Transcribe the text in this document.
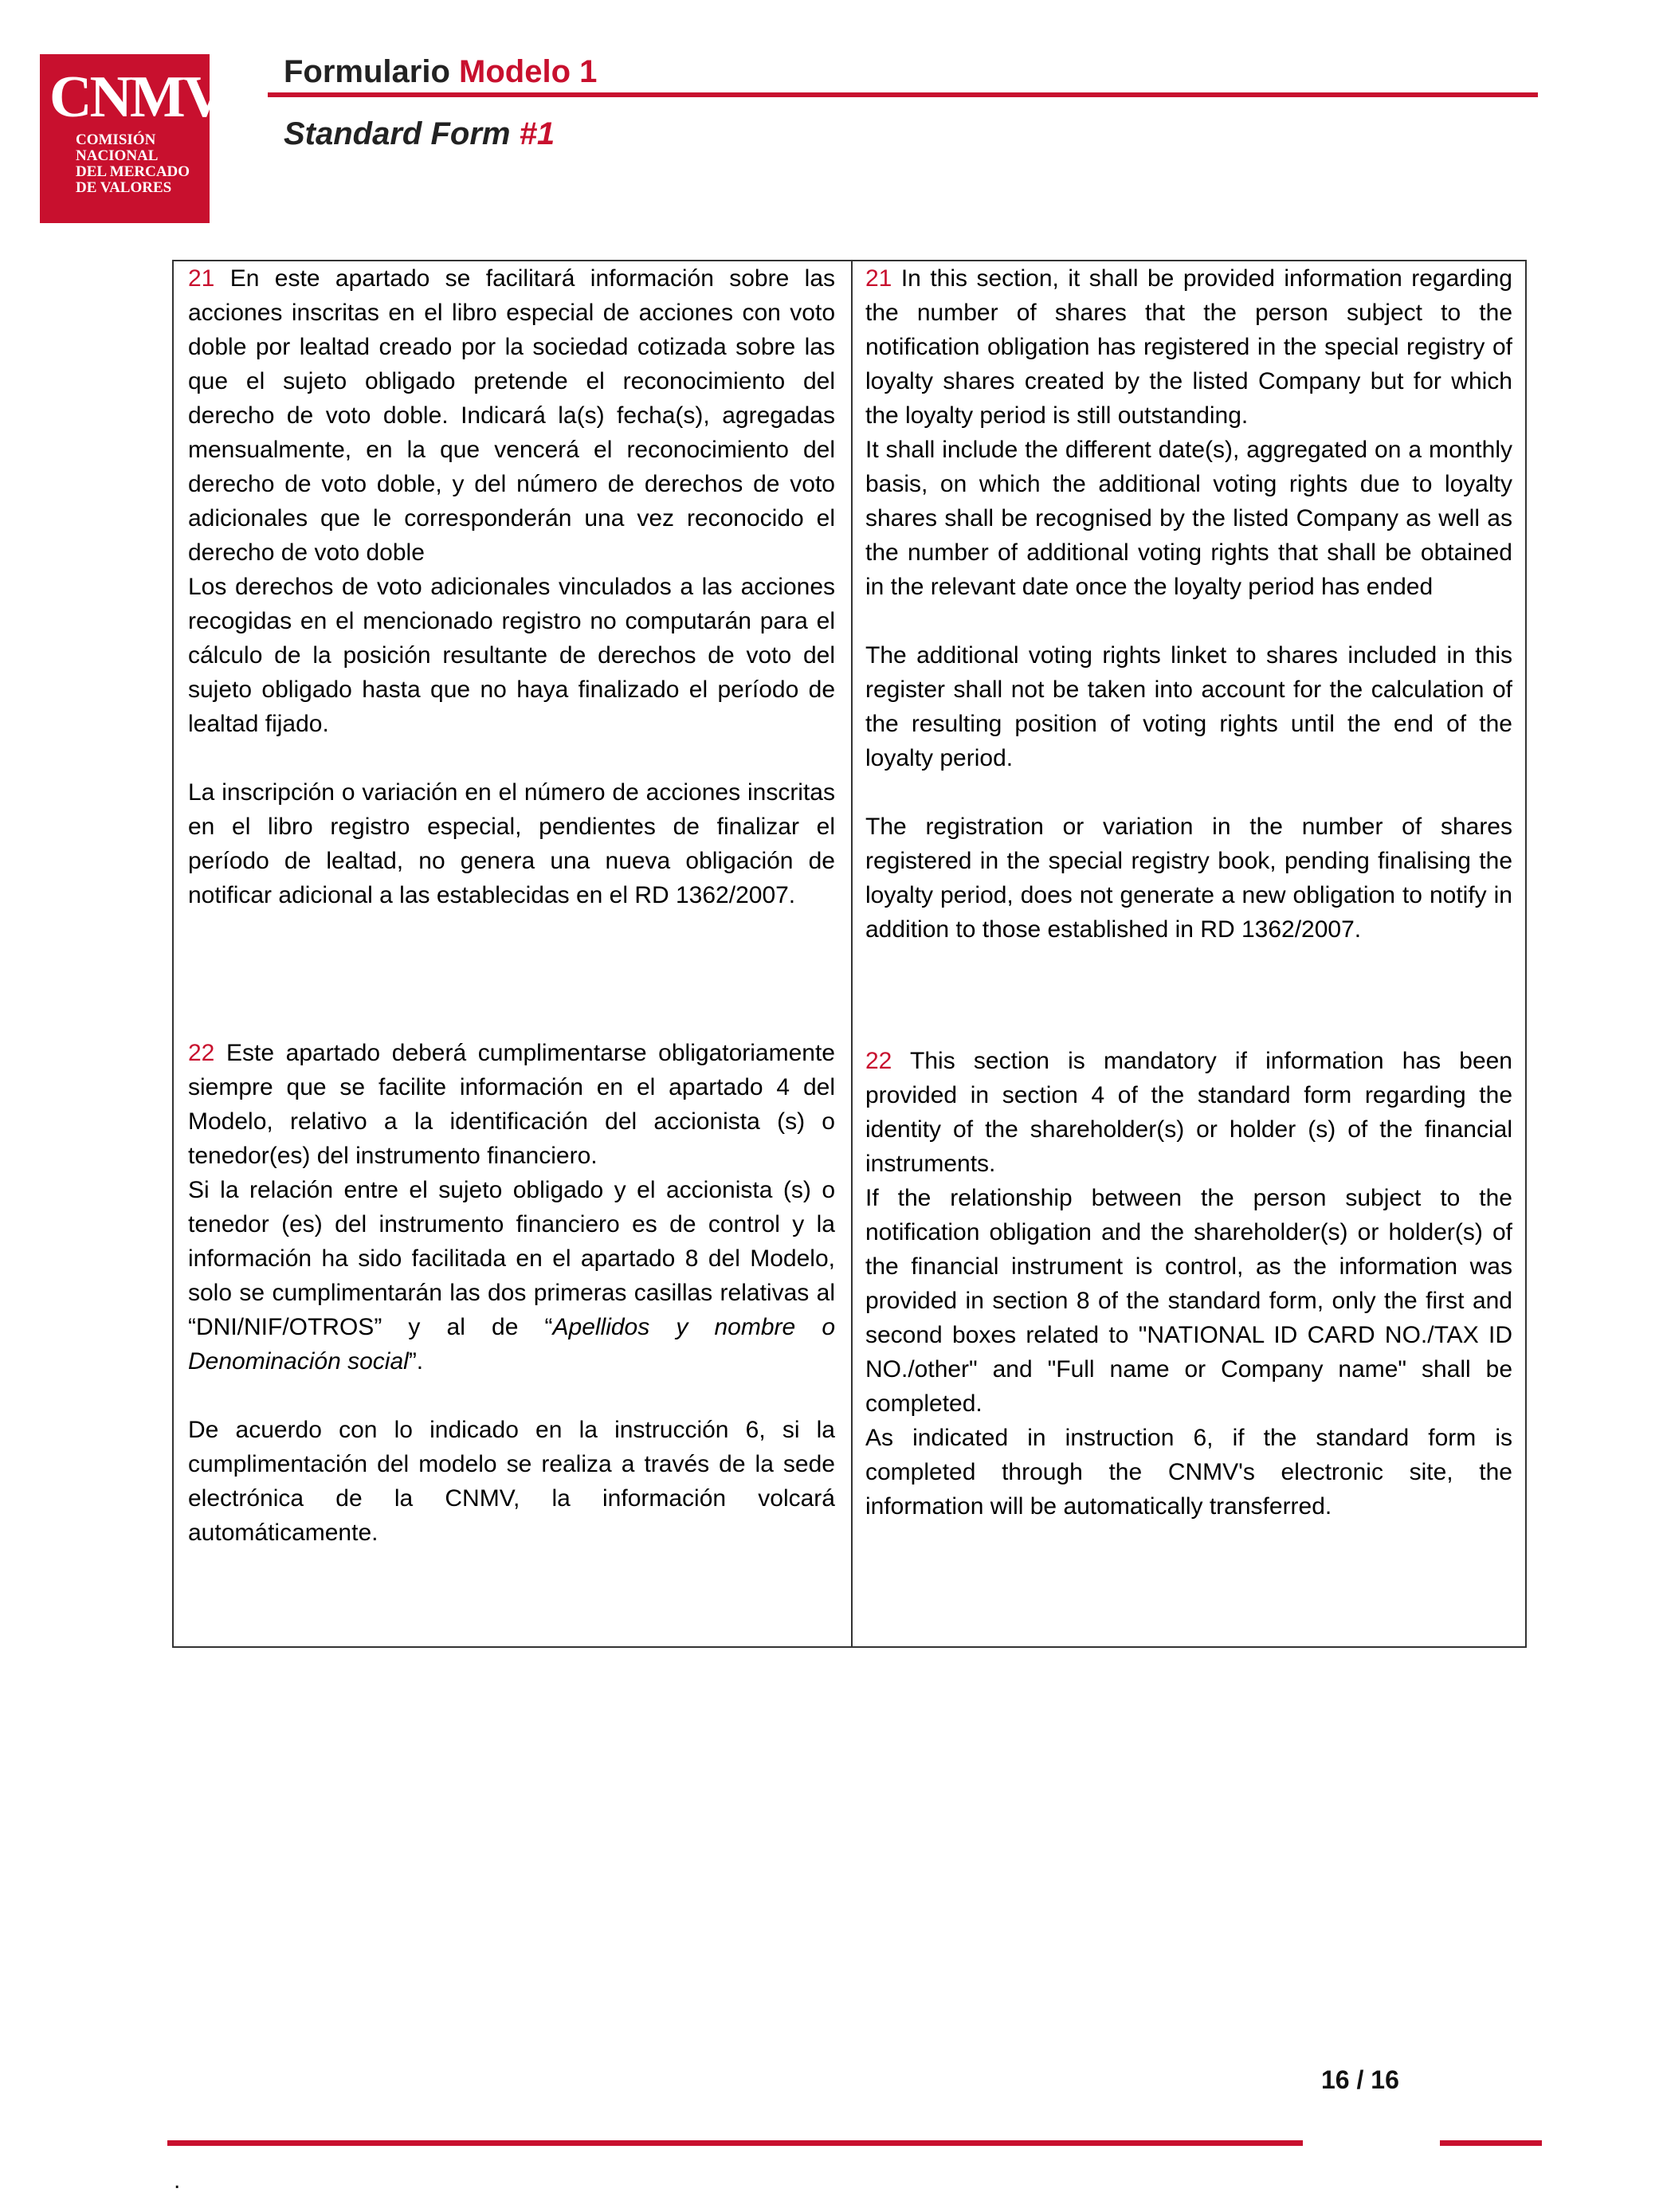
CNMV
COMISIÓN
NACIONAL
DEL MERCADO
DE VALORES
Formulario Modelo 1
Standard Form #1

21 En este apartado se facilitará información sobre las acciones inscritas en el libro especial de acciones con voto doble por lealtad creado por la sociedad cotizada sobre las que el sujeto obligado pretende el reconocimiento del derecho de voto doble. Indicará la(s) fecha(s), agregadas mensualmente, en la que vencerá el reconocimiento del derecho de voto doble, y del número de derechos de voto adicionales que le corresponderán una vez reconocido el derecho de voto doble

Los derechos de voto adicionales vinculados a las acciones recogidas en el mencionado registro no computarán para el cálculo de la posición resultante de derechos de voto del sujeto obligado hasta que no haya finalizado el período de lealtad fijado.

La inscripción o variación en el número de acciones inscritas en el libro registro especial, pendientes de finalizar el período de lealtad, no genera una nueva obligación de notificar adicional a las establecidas en el RD 1362/2007.

21 In this section, it shall be provided information regarding the number of shares that the person subject to the notification obligation has registered in the special registry of loyalty shares created by the listed Company but for which the loyalty period is still outstanding.

It shall include the different date(s), aggregated on a monthly basis, on which the additional voting rights due to loyalty shares shall be recognised by the listed Company as well as the number of additional voting rights that shall be obtained in the relevant date once the loyalty period has ended

The additional voting rights linket to shares included in this register shall not be taken into account for the calculation of the resulting position of voting rights until the end of the loyalty period.

The registration or variation in the number of shares registered in the special registry book, pending finalising the loyalty period, does not generate a new obligation to notify in addition to those established in RD 1362/2007.

22 Este apartado deberá cumplimentarse obligatoriamente siempre que se facilite información en el apartado 4 del Modelo, relativo a la identificación del accionista (s) o tenedor(es) del instrumento financiero.

Si la relación entre el sujeto obligado y el accionista (s) o tenedor (es) del instrumento financiero es de control y la información ha sido facilitada en el apartado 8 del Modelo, solo se cumplimentarán las dos primeras casillas relativas al “DNI/NIF/OTROS” y al de “Apellidos y nombre o Denominación social”.

De acuerdo con lo indicado en la instrucción 6, si la cumplimentación del modelo se realiza a través de la sede electrónica de la CNMV, la información volcará automáticamente.

22 This section is mandatory if information has been provided in section 4 of the standard form regarding the identity of the shareholder(s) or holder (s) of the financial instruments.

If the relationship between the person subject to the notification obligation and the shareholder(s) or holder(s) of the financial instrument is control, as the information was provided in section 8 of the standard form, only the first and second boxes related to "NATIONAL ID CARD NO./TAX ID NO./other" and "Full name or Company name" shall be completed.

As indicated in instruction 6, if the standard form is completed through the CNMV's electronic site, the information will be automatically transferred.

16 / 16
.
